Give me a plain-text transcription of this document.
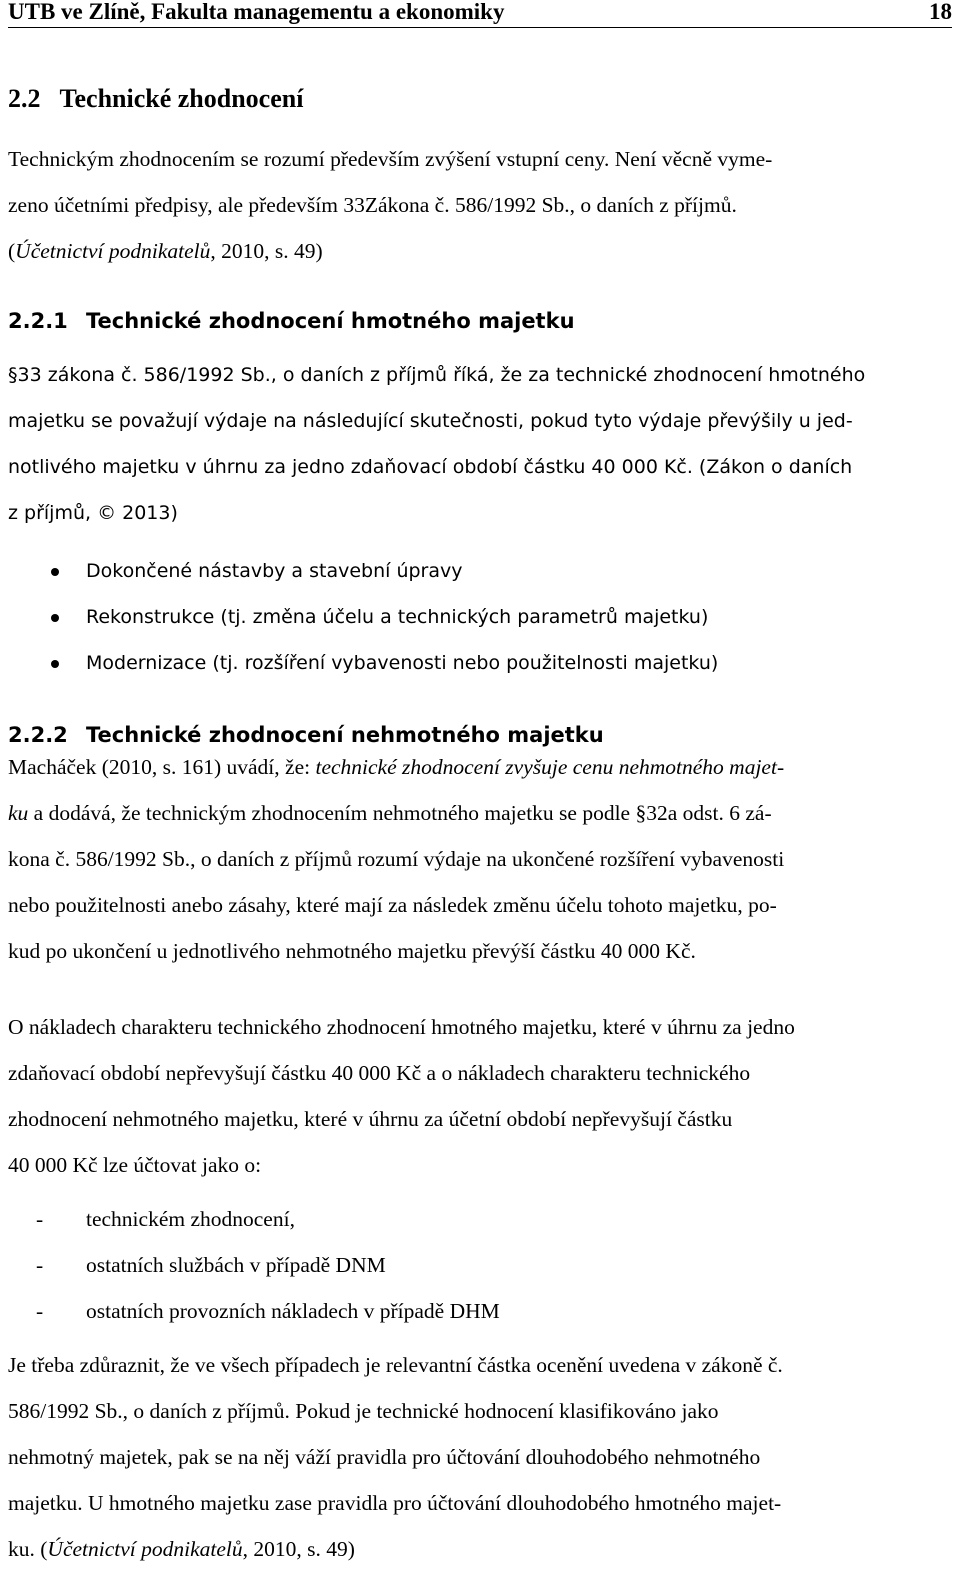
UTB ve Zlíně, Fakulta managementu a ekonomiky	18
2.2 Technické zhodnocení
Technickým zhodnocením se rozumí především zvýšení vstupní ceny. Není věcně vyme-
zeno účetními předpisy, ale především 33Zákona č. 586/1992 Sb., o daních z příjmů.
(Účetnictví podnikatelů, 2010, s. 49)
2.2.1 Technické zhodnocení hmotného majetku
§33 zákona č. 586/1992 Sb., o daních z příjmů říká, že za technické zhodnocení hmotného
majetku se považují výdaje na následující skutečnosti, pokud tyto výdaje převýšily u jed-
notlivého majetku v úhrnu za jedno zdaňovací období částku 40 000 Kč. (Zákon o daních
z příjmů, © 2013)
Dokončené nástavby a stavební úpravy
Rekonstrukce (tj. změna účelu a technických parametrů majetku)
Modernizace (tj. rozšíření vybavenosti nebo použitelnosti majetku)
2.2.2 Technické zhodnocení nehmotného majetku
Macháček (2010, s. 161) uvádí, že: technické zhodnocení zvyšuje cenu nehmotného majet-
ku a dodává, že technickým zhodnocením nehmotného majetku se podle §32a odst. 6 zá-
kona č. 586/1992 Sb., o daních z příjmů rozumí výdaje na ukončené rozšíření vybavenosti
nebo použitelnosti anebo zásahy, které mají za následek změnu účelu tohoto majetku, po-
kud po ukončení u jednotlivého nehmotného majetku převýší částku 40 000 Kč.
O nákladech charakteru technického zhodnocení hmotného majetku, které v úhrnu za jedno
zdaňovací období nepřevyšují částku 40 000 Kč a o nákladech charakteru technického
zhodnocení nehmotného majetku, které v úhrnu za účetní období nepřevyšují částku
40 000 Kč lze účtovat jako o:
- technickém zhodnocení,
- ostatních službách v případě DNM
- ostatních provozních nákladech v případě DHM
Je třeba zdůraznit, že ve všech případech je relevantní částka ocenění uvedena v zákoně č.
586/1992 Sb., o daních z příjmů. Pokud je technické hodnocení klasifikováno jako
nehmotný majetek, pak se na něj váží pravidla pro účtování dlouhodobého nehmotného
majetku. U hmotného majetku zase pravidla pro účtování dlouhodobého hmotného majet-
ku. (Účetnictví podnikatelů, 2010, s. 49)
